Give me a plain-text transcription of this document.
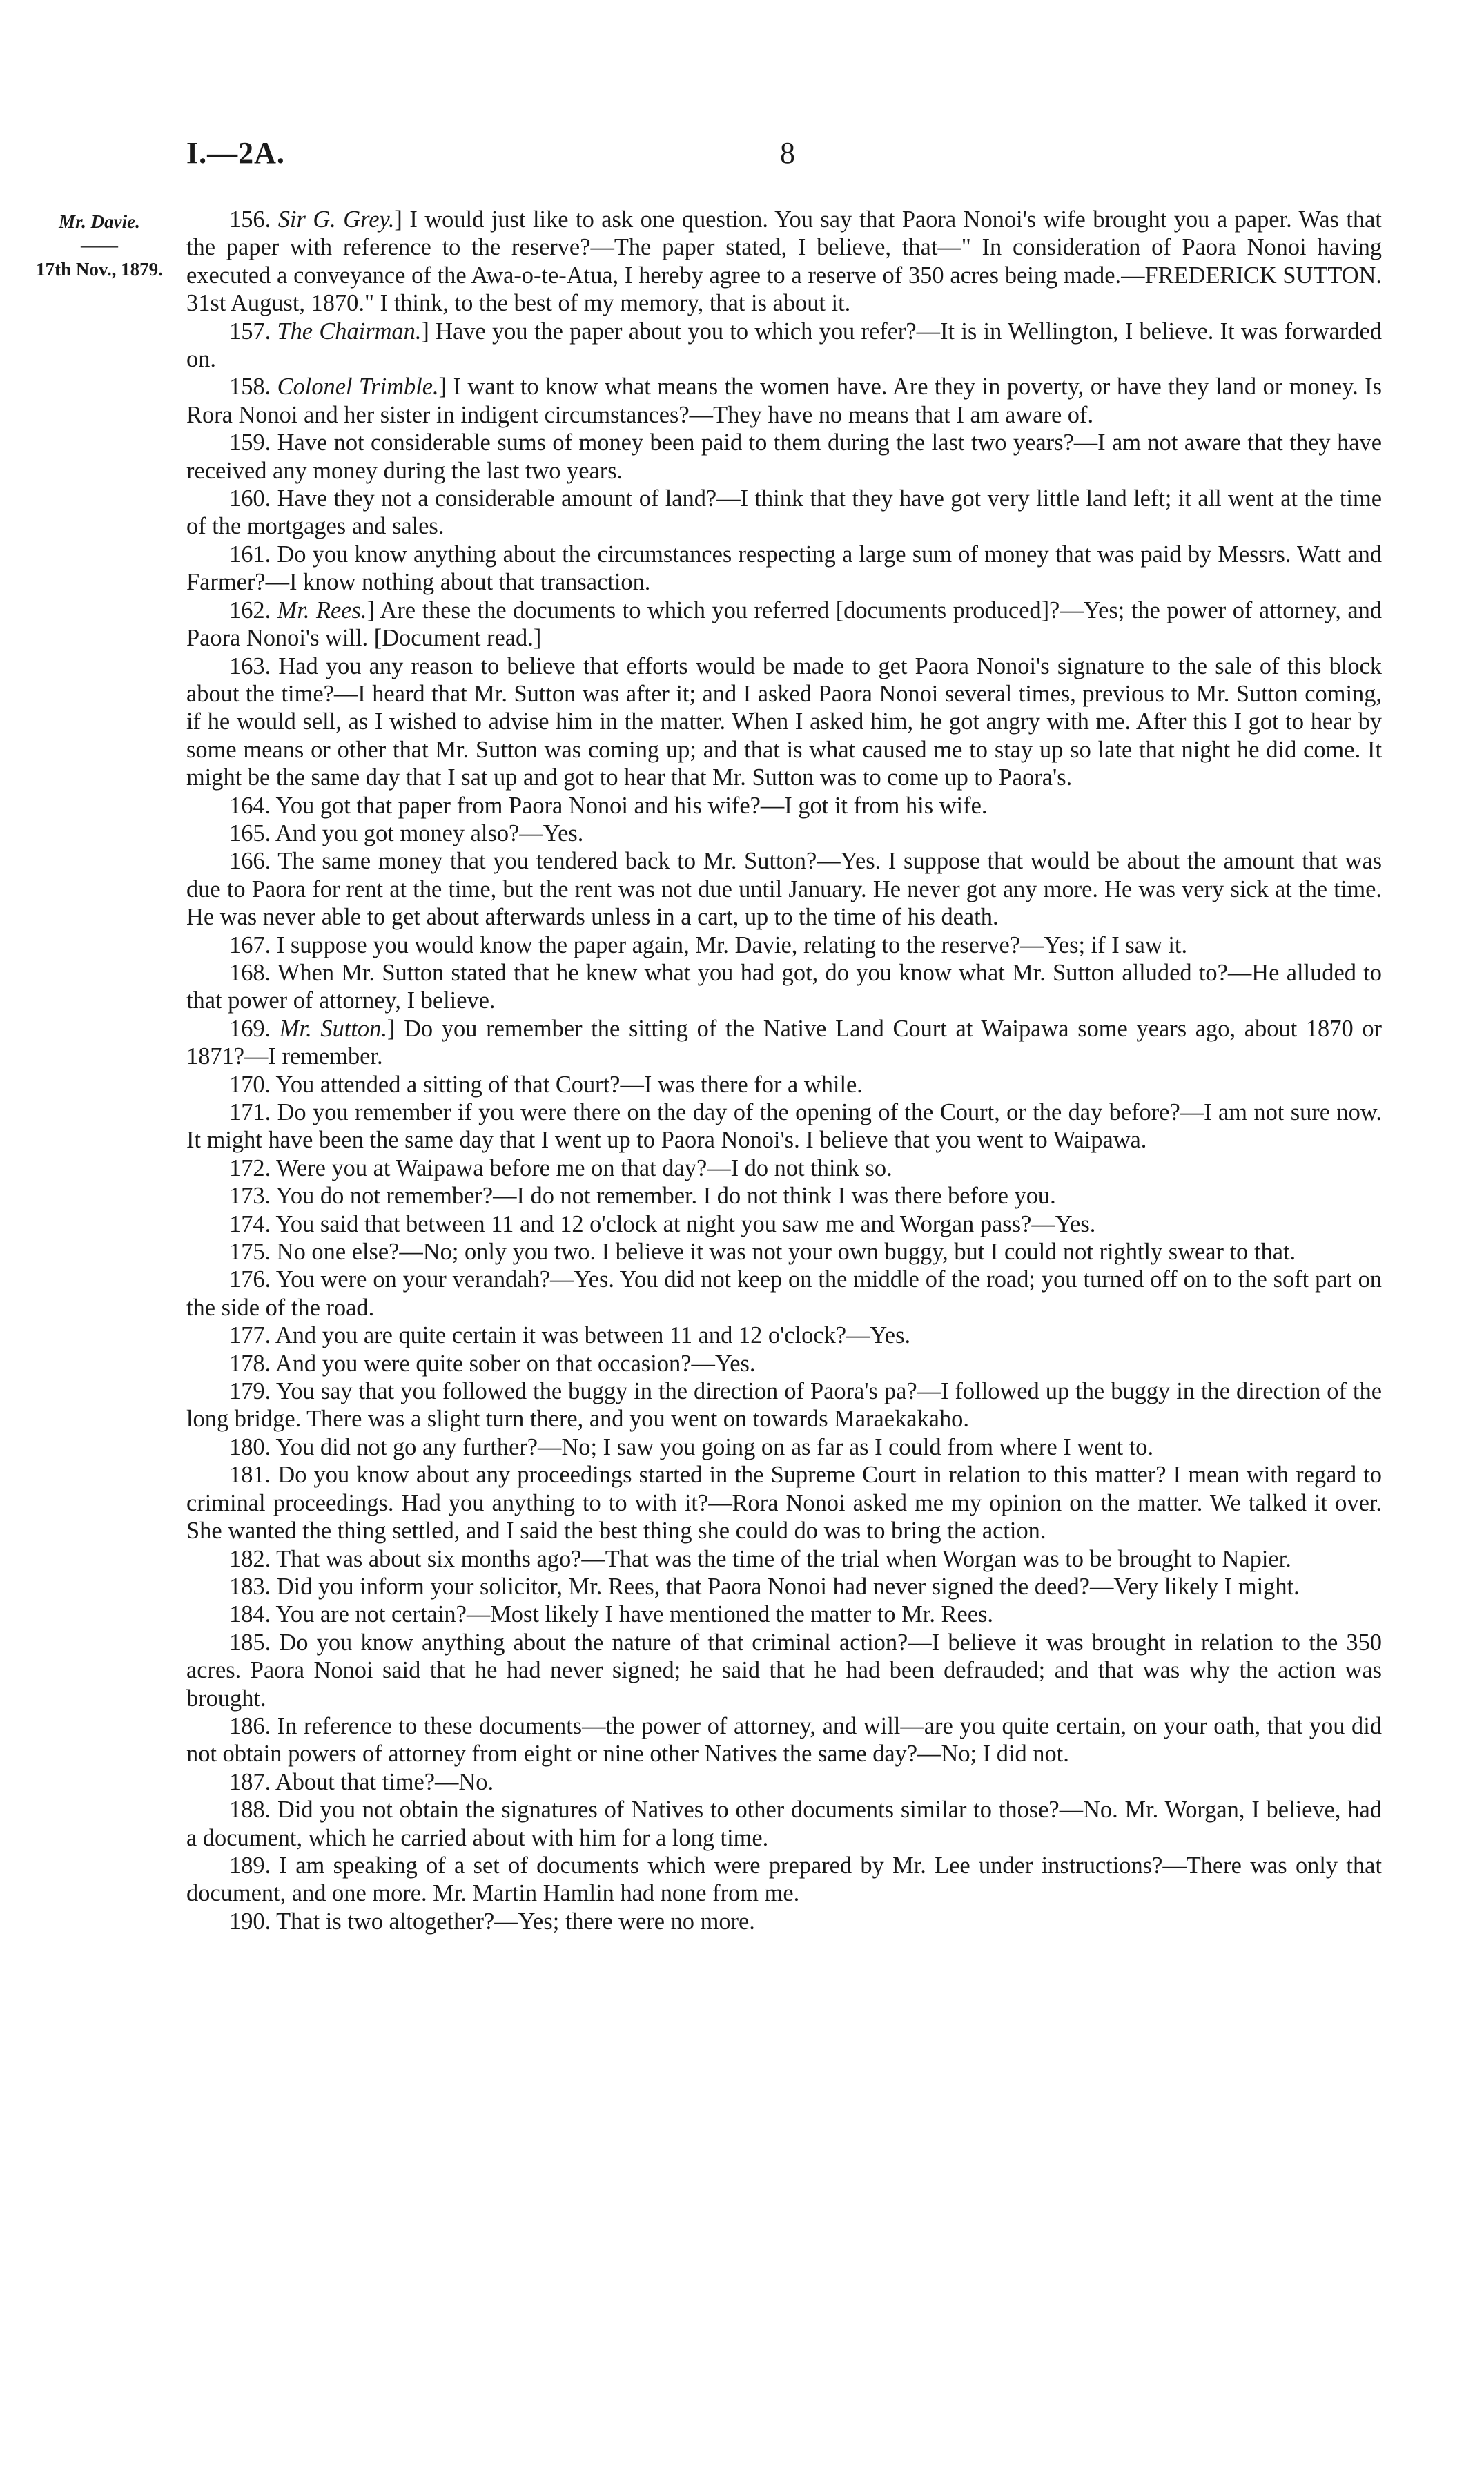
I.—2A.	8
Mr. Davie.
——
17th Nov., 1879.

156. Sir G. Grey.] I would just like to ask one question. You say that Paora Nonoi's wife brought you a paper. Was that the paper with reference to the reserve?—The paper stated, I believe, that—" In consideration of Paora Nonoi having executed a conveyance of the Awa-o-te-Atua, I hereby agree to a reserve of 350 acres being made.—FREDERICK SUTTON. 31st August, 1870." I think, to the best of my memory, that is about it.

157. The Chairman.] Have you the paper about you to which you refer?—It is in Wellington, I believe. It was forwarded on.

158. Colonel Trimble.] I want to know what means the women have. Are they in poverty, or have they land or money. Is Rora Nonoi and her sister in indigent circumstances?—They have no means that I am aware of.

159. Have not considerable sums of money been paid to them during the last two years?—I am not aware that they have received any money during the last two years.

160. Have they not a considerable amount of land?—I think that they have got very little land left; it all went at the time of the mortgages and sales.

161. Do you know anything about the circumstances respecting a large sum of money that was paid by Messrs. Watt and Farmer?—I know nothing about that transaction.

162. Mr. Rees.] Are these the documents to which you referred [documents produced]?—Yes; the power of attorney, and Paora Nonoi's will. [Document read.]

163. Had you any reason to believe that efforts would be made to get Paora Nonoi's signature to the sale of this block about the time?—I heard that Mr. Sutton was after it; and I asked Paora Nonoi several times, previous to Mr. Sutton coming, if he would sell, as I wished to advise him in the matter. When I asked him, he got angry with me. After this I got to hear by some means or other that Mr. Sutton was coming up; and that is what caused me to stay up so late that night he did come. It might be the same day that I sat up and got to hear that Mr. Sutton was to come up to Paora's.

164. You got that paper from Paora Nonoi and his wife?—I got it from his wife.

165. And you got money also?—Yes.

166. The same money that you tendered back to Mr. Sutton?—Yes. I suppose that would be about the amount that was due to Paora for rent at the time, but the rent was not due until January. He never got any more. He was very sick at the time. He was never able to get about afterwards unless in a cart, up to the time of his death.

167. I suppose you would know the paper again, Mr. Davie, relating to the reserve?—Yes; if I saw it.

168. When Mr. Sutton stated that he knew what you had got, do you know what Mr. Sutton alluded to?—He alluded to that power of attorney, I believe.

169. Mr. Sutton.] Do you remember the sitting of the Native Land Court at Waipawa some years ago, about 1870 or 1871?—I remember.

170. You attended a sitting of that Court?—I was there for a while.

171. Do you remember if you were there on the day of the opening of the Court, or the day before?—I am not sure now. It might have been the same day that I went up to Paora Nonoi's. I believe that you went to Waipawa.

172. Were you at Waipawa before me on that day?—I do not think so.

173. You do not remember?—I do not remember. I do not think I was there before you.

174. You said that between 11 and 12 o'clock at night you saw me and Worgan pass?—Yes.

175. No one else?—No; only you two. I believe it was not your own buggy, but I could not rightly swear to that.

176. You were on your verandah?—Yes. You did not keep on the middle of the road; you turned off on to the soft part on the side of the road.

177. And you are quite certain it was between 11 and 12 o'clock?—Yes.

178. And you were quite sober on that occasion?—Yes.

179. You say that you followed the buggy in the direction of Paora's pa?—I followed up the buggy in the direction of the long bridge. There was a slight turn there, and you went on towards Maraekakaho.

180. You did not go any further?—No; I saw you going on as far as I could from where I went to.

181. Do you know about any proceedings started in the Supreme Court in relation to this matter? I mean with regard to criminal proceedings. Had you anything to to with it?—Rora Nonoi asked me my opinion on the matter. We talked it over. She wanted the thing settled, and I said the best thing she could do was to bring the action.

182. That was about six months ago?—That was the time of the trial when Worgan was to be brought to Napier.

183. Did you inform your solicitor, Mr. Rees, that Paora Nonoi had never signed the deed?—Very likely I might.

184. You are not certain?—Most likely I have mentioned the matter to Mr. Rees.

185. Do you know anything about the nature of that criminal action?—I believe it was brought in relation to the 350 acres. Paora Nonoi said that he had never signed; he said that he had been defrauded; and that was why the action was brought.

186. In reference to these documents—the power of attorney, and will—are you quite certain, on your oath, that you did not obtain powers of attorney from eight or nine other Natives the same day?—No; I did not.

187. About that time?—No.

188. Did you not obtain the signatures of Natives to other documents similar to those?—No. Mr. Worgan, I believe, had a document, which he carried about with him for a long time.

189. I am speaking of a set of documents which were prepared by Mr. Lee under instructions?—There was only that document, and one more. Mr. Martin Hamlin had none from me.

190. That is two altogether?—Yes; there were no more.
